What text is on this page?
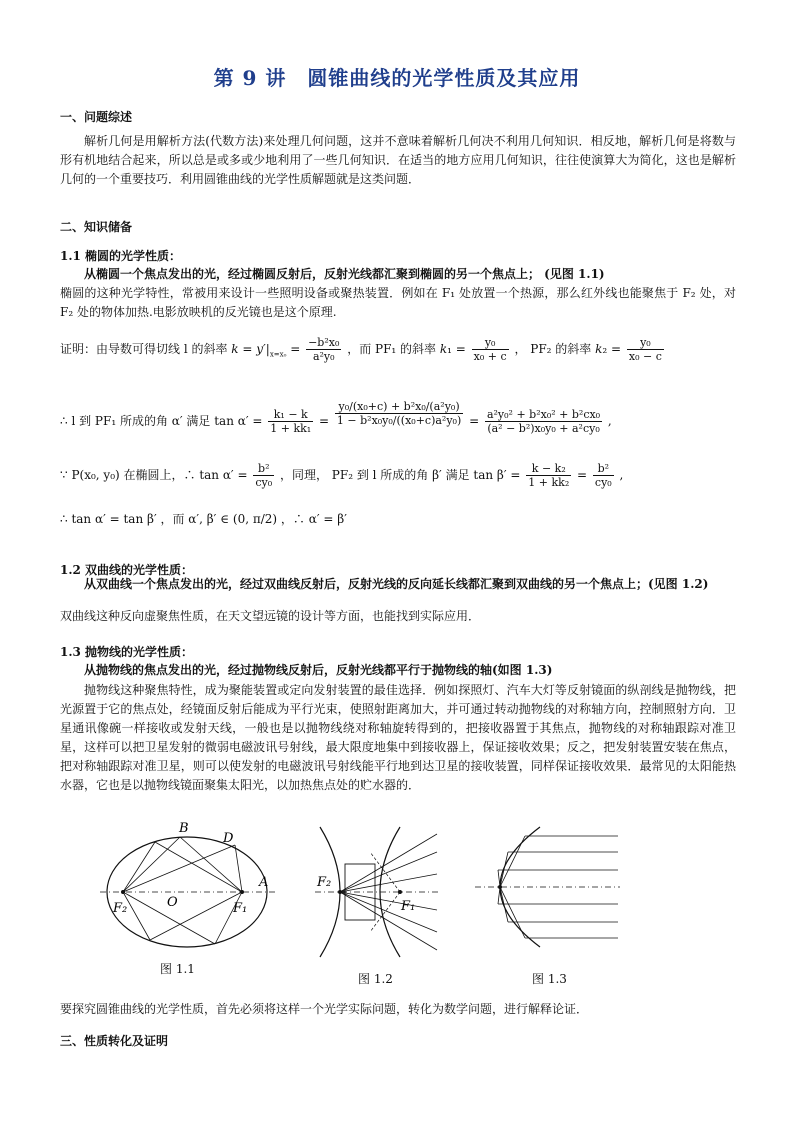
第 9 讲　圆锥曲线的光学性质及其应用
一、问题综述
解析几何是用解析方法(代数方法)来处理几何问题，这并不意味着解析几何决不利用几何知识．相反地，解析几何是将数与形有机地结合起来，所以总是或多或少地利用了一些几何知识．在适当的地方应用几何知识，往往使演算大为简化，这也是解析几何的一个重要技巧．利用圆锥曲线的光学性质解题就是这类问题．
二、知识储备
1.1 椭圆的光学性质：
从椭圆一个焦点发出的光，经过椭圆反射后，反射光线都汇聚到椭圆的另一个焦点上； (见图 1.1)
椭圆的这种光学特性，常被用来设计一些照明设备或聚热装置．例如在 F₁ 处放置一个热源，那么红外线也能聚焦于 F₂ 处，对 F₂ 处的物体加热.电影放映机的反光镜也是这个原理.
证明：由导数可得切线 l 的斜率 $k = y'|_{x=x_0} = \frac{\text{−b²x₀}}{\text{a²y₀}}$ ，而 PF₁ 的斜率 $k_1 = \frac{\text{y₀}}{\text{x₀ + c}}$ ， PF₂ 的斜率 $k_2 = \frac{\text{y₀}}{\text{x₀ − c}}$
∴ l 到 PF₁ 所成的角 α′ 满足 $\tan \alpha' = \frac{\text{k₁ − k}}{\text{1 + kk₁}} = \frac{\text{y₀/(x₀+c) + b²x₀/(a²y₀)}}{\text{1 − b²x₀y₀/((x₀+c)a²y₀)}} = \frac{\text{a²y₀² + b²x₀² + b²cx₀}}{\text{(a² − b²)x₀y₀ + a²cy₀}}$ ,
∵ P(x₀, y₀) 在椭圆上，∴ $\tan \alpha' = \frac{\text{b²}}{\text{cy₀}}$ ，同理， PF₂ 到 l 所成的角 β′ 满足 $\tan \beta' = \frac{\text{k − k₂}}{\text{1 + kk₂}} = \frac{\text{b²}}{\text{cy₀}}$ ,
∴ tan α′ = tan β′ ，而 α′, β′ ∈ (0, π/2) ，∴ α′ = β′
1.2 双曲线的光学性质：
从双曲线一个焦点发出的光，经过双曲线反射后，反射光线的反向延长线都汇聚到双曲线的另一个焦点上；(见图 1.2)
双曲线这种反向虚聚焦性质，在天文望远镜的设计等方面，也能找到实际应用．
1.3 抛物线的光学性质：
从抛物线的焦点发出的光，经过抛物线反射后，反射光线都平行于抛物线的轴(如图 1.3)
抛物线这种聚焦特性，成为聚能装置或定向发射装置的最佳选择．例如探照灯、汽车大灯等反射镜面的纵剖线是抛物线，把光源置于它的焦点处，经镜面反射后能成为平行光束，使照射距离加大，并可通过转动抛物线的对称轴方向，控制照射方向．卫星通讯像碗一样接收或发射天线，一般也是以抛物线绕对称轴旋转得到的，把接收器置于其焦点，抛物线的对称轴跟踪对准卫星，这样可以把卫星发射的微弱电磁波讯号射线，最大限度地集中到接收器上，保证接收效果；反之，把发射装置安装在焦点，把对称轴跟踪对准卫星，则可以使发射的电磁波讯号射线能平行地到达卫星的接收装置，同样保证接收效果．最常见的太阳能热水器，它也是以抛物线镜面聚集太阳光，以加热焦点处的贮水器的．
B
D
A
O
F₂	F₁
图 1.1
F₂
F₁
图 1.2	图 1.3
要探究圆锥曲线的光学性质，首先必须将这样一个光学实际问题，转化为数学问题，进行解释论证．
三、性质转化及证明
